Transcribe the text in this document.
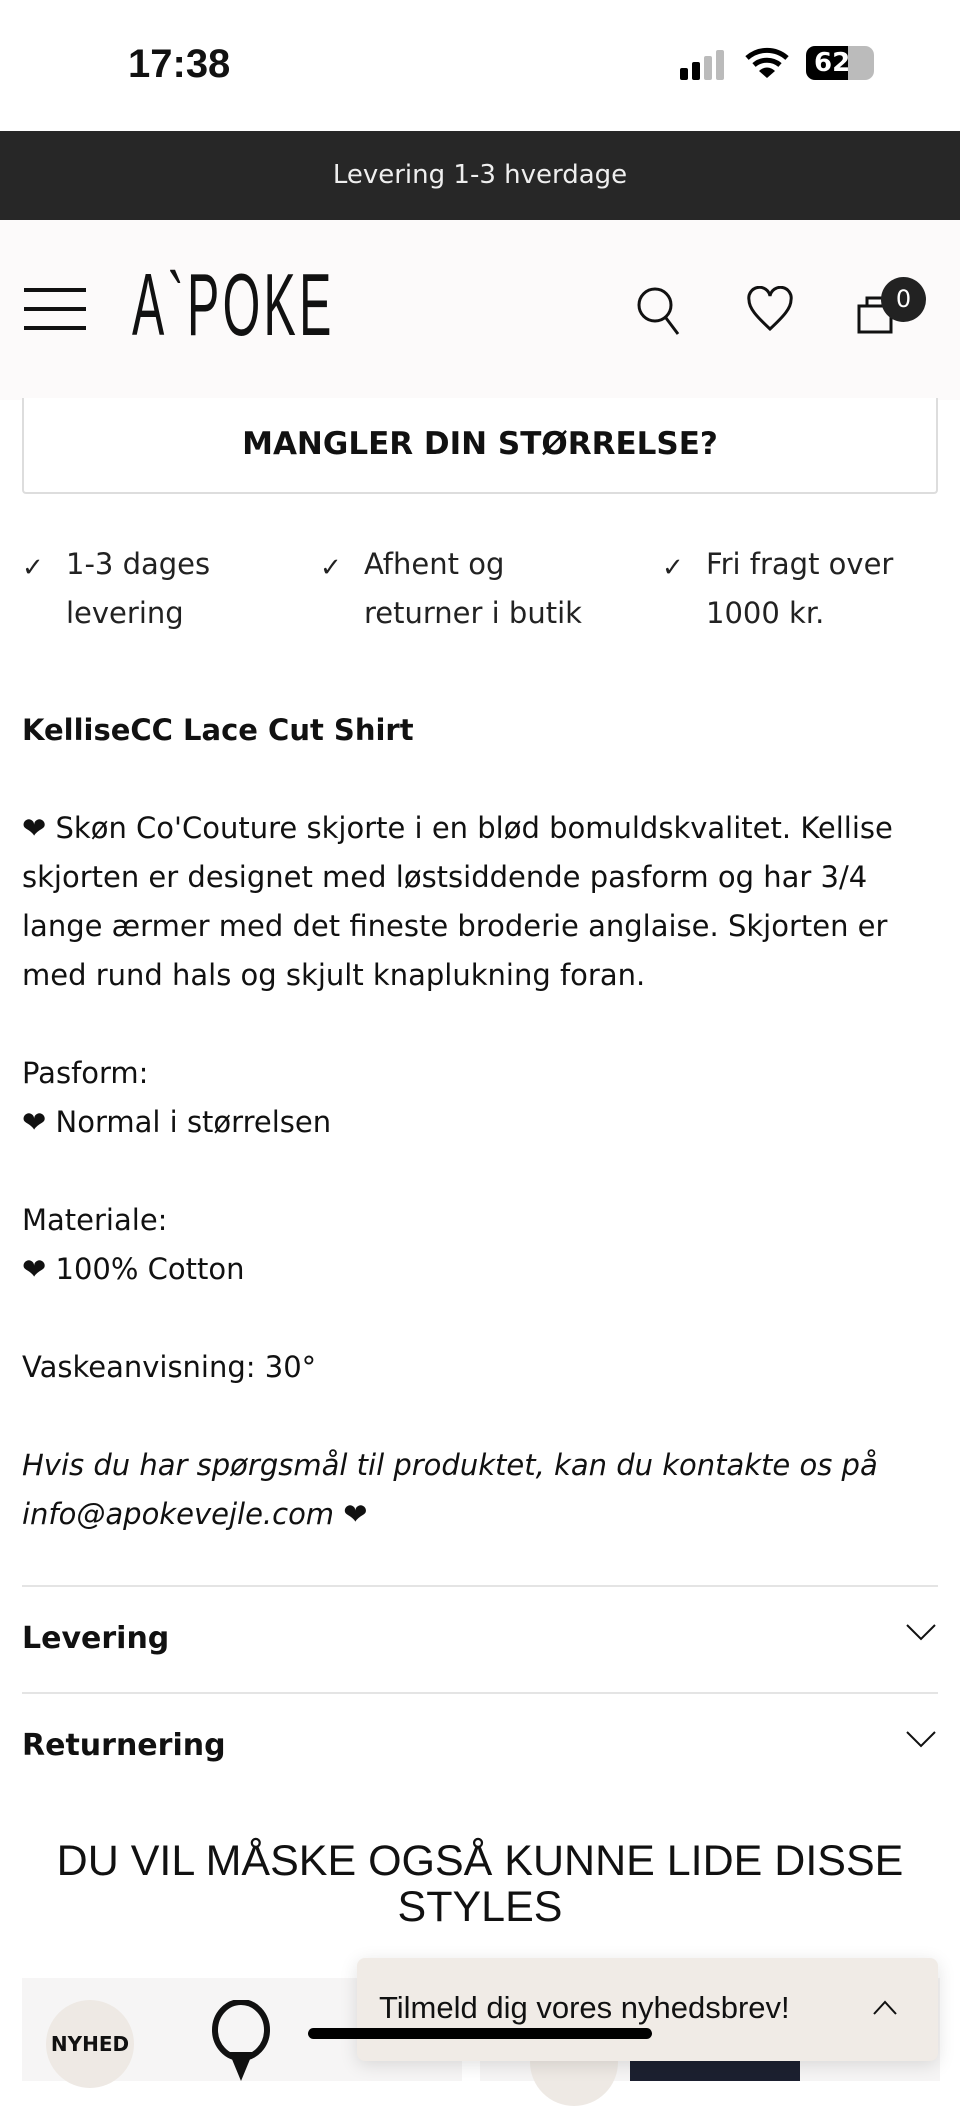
17:38	62
Levering 1-3 hverdage
0
A`POKE
MANGLER DIN STØRRELSE?
✓ 1-3 dages
levering
✓ Afhent og
returner i butik
✓ Fri fragt over
1000 kr.

KelliseCC Lace Cut Shirt

❤ Skøn Co'Couture skjorte i en blød bomuldskvalitet. Kellise skjorten er designet med løstsiddende pasform og har 3/4 lange ærmer med det fineste broderie anglaise. Skjorten er med rund hals og skjult knaplukning foran.

Pasform:

❤ Normal i størrelsen

Materiale:

❤ 100% Cotton

Vaskeanvisning: 30°

Hvis du har spørgsmål til produktet, kan du kontakte os på info@apokevejle.com ❤

Levering
Returnering
DU VIL MÅSKE OGSÅ KUNNE LIDE DISSE STYLES
NYHED
Tilmeld dig vores nyhedsbrev!
